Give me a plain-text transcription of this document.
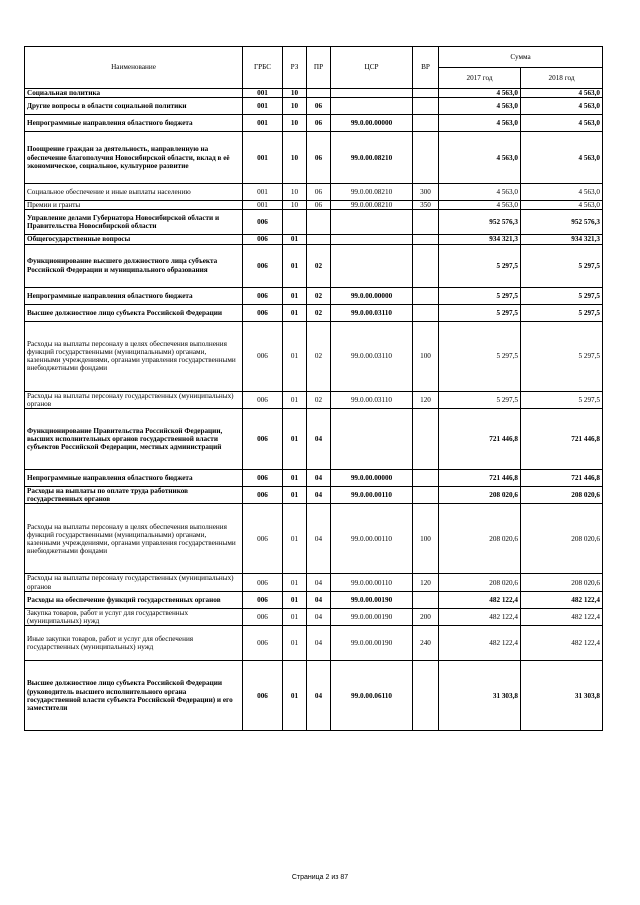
Наименование	ГРБС	РЗ	ПР	ЦСР	ВР	Сумма	
						2017 год	2018 год
Социальная политика	001	10				4 563,0	4 563,0
Другие вопросы в области социальной политики	001	10	06			4 563,0	4 563,0
Непрограммные направления областного бюджета	001	10	06	99.0.00.00000		4 563,0	4 563,0
Поощрение граждан за деятельность, направленную на обеспечение благополучия Новосибирской области, вклад в её экономическое, социальное, культурное развитие	001	10	06	99.0.00.08210		4 563,0	4 563,0
Социальное обеспечение и иные выплаты населению	001	10	06	99.0.00.08210	300	4 563,0	4 563,0
Премии и гранты	001	10	06	99.0.00.08210	350	4 563,0	4 563,0
Управление делами Губернатора Новосибирской области и Правительства Новосибирской области	006					952 576,3	952 576,3
Общегосударственные вопросы	006	01				934 321,3	934 321,3
Функционирование высшего должностного лица субъекта Российской Федерации и муниципального образования	006	01	02			5 297,5	5 297,5
Непрограммные направления областного бюджета	006	01	02	99.0.00.00000		5 297,5	5 297,5
Высшее должностное лицо субъекта Российской Федерации	006	01	02	99.0.00.03110		5 297,5	5 297,5
Расходы на выплаты персоналу в целях обеспечения выполнения функций государственными (муниципальными) органами, казенными учреждениями, органами управления государственными внебюджетными фондами	006	01	02	99.0.00.03110	100	5 297,5	5 297,5
Расходы на выплаты персоналу государственных (муниципальных) органов	006	01	02	99.0.00.03110	120	5 297,5	5 297,5
Функционирование Правительства Российской Федерации, высших исполнительных органов государственной власти субъектов Российской Федерации, местных администраций	006	01	04			721 446,8	721 446,8
Непрограммные направления областного бюджета	006	01	04	99.0.00.00000		721 446,8	721 446,8
Расходы на выплаты по оплате труда работников государственных органов	006	01	04	99.0.00.00110		208 020,6	208 020,6
Расходы на выплаты персоналу в целях обеспечения выполнения функций государственными (муниципальными) органами, казенными учреждениями, органами управления государственными внебюджетными фондами	006	01	04	99.0.00.00110	100	208 020,6	208 020,6
Расходы на выплаты персоналу государственных (муниципальных) органов	006	01	04	99.0.00.00110	120	208 020,6	208 020,6
Расходы на обеспечение функций государственных органов	006	01	04	99.0.00.00190		482 122,4	482 122,4
Закупка товаров, работ и услуг для государственных (муниципальных) нужд	006	01	04	99.0.00.00190	200	482 122,4	482 122,4
Иные закупки товаров, работ и услуг для обеспечения государственных (муниципальных) нужд	006	01	04	99.0.00.00190	240	482 122,4	482 122,4
Высшее должностное лицо субъекта Российской Федерации (руководитель высшего исполнительного органа государственной власти субъекта Российской Федерации) и его заместители	006	01	04	99.0.00.06110		31 303,8	31 303,8
Страница 2 из 87
